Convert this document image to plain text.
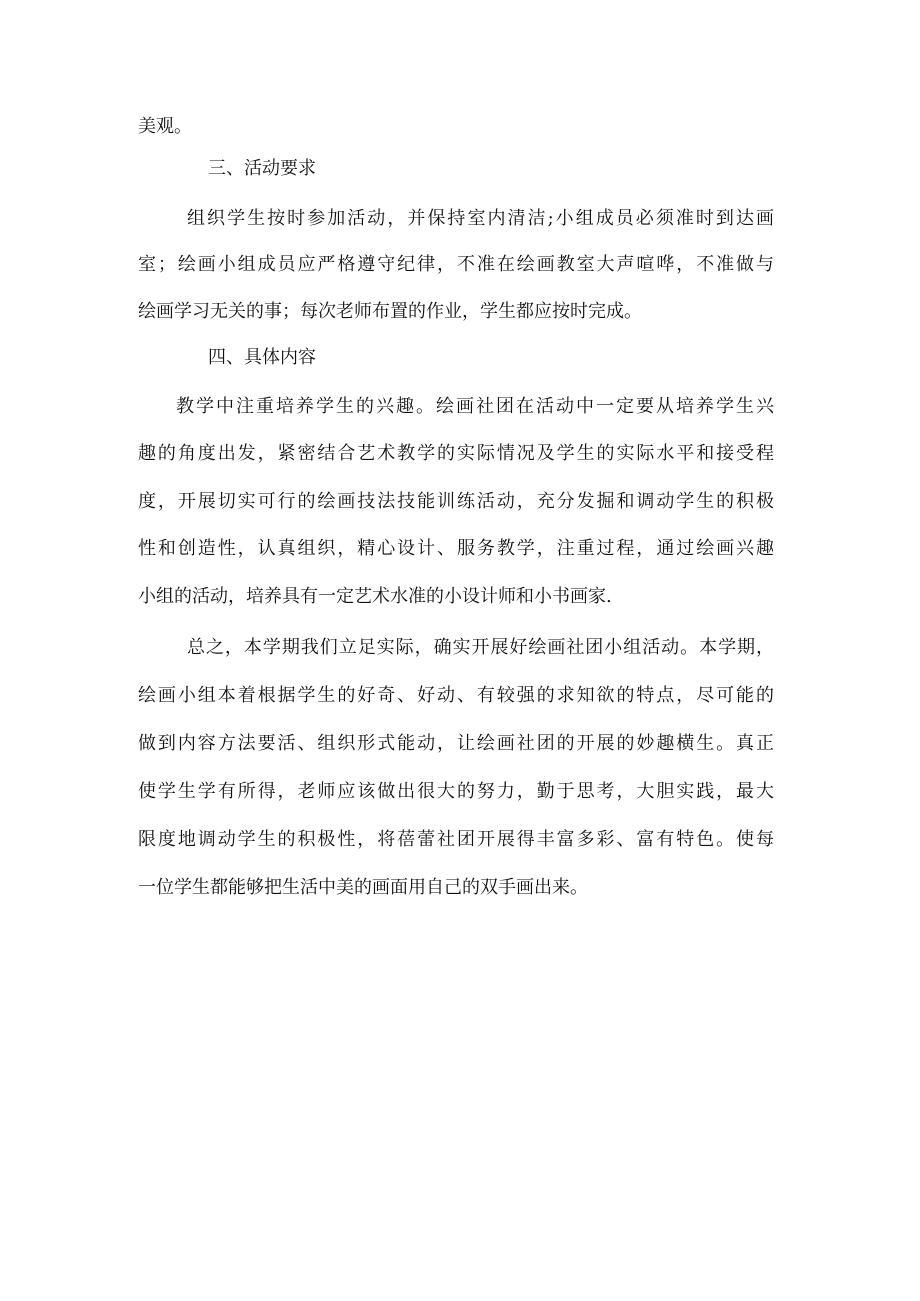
美观。
三、活动要求
组织学生按时参加活动，并保持室内清洁;小组成员必须准时到达画
室；绘画小组成员应严格遵守纪律，不准在绘画教室大声喧哗，不准做与
绘画学习无关的事；每次老师布置的作业，学生都应按时完成。
四、具体内容
教学中注重培养学生的兴趣。绘画社团在活动中一定要从培养学生兴
趣的角度出发，紧密结合艺术教学的实际情况及学生的实际水平和接受程
度，开展切实可行的绘画技法技能训练活动，充分发掘和调动学生的积极
性和创造性，认真组织，精心设计、服务教学，注重过程，通过绘画兴趣
小组的活动，培养具有一定艺术水准的小设计师和小书画家.
总之，本学期我们立足实际，确实开展好绘画社团小组活动。本学期，
绘画小组本着根据学生的好奇、好动、有较强的求知欲的特点，尽可能的
做到内容方法要活、组织形式能动，让绘画社团的开展的妙趣横生。真正
使学生学有所得，老师应该做出很大的努力，勤于思考，大胆实践，最大
限度地调动学生的积极性，将蓓蕾社团开展得丰富多彩、富有特色。使每
一位学生都能够把生活中美的画面用自己的双手画出来。
